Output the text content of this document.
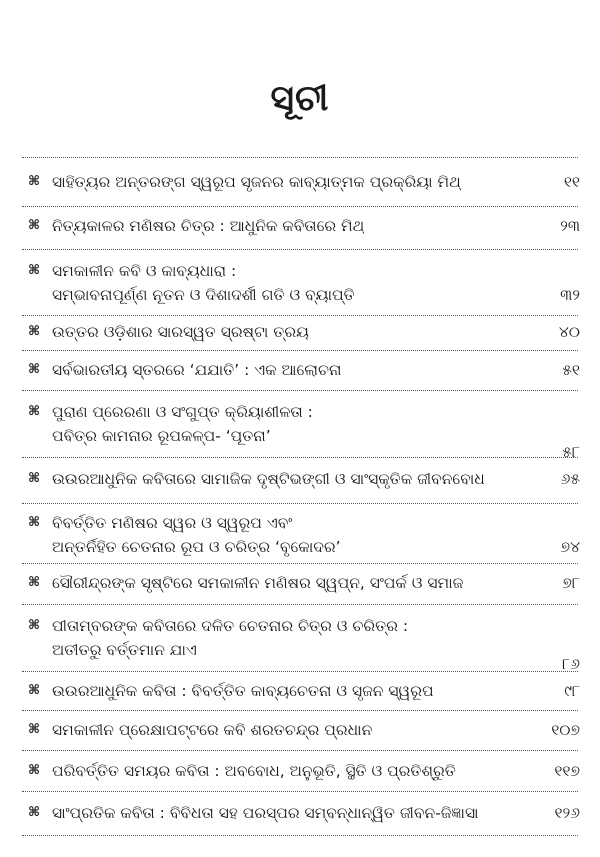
ସୂଚୀ
⌘ ସାହିତ୍ୟର ଅନ୍ତରଙ୍ଗ ସ୍ୱରୂପ ସୃଜନର କାବ୍ୟାତ୍ମକ ପ୍ରକ୍ରିୟା ମିଥ୍	୧୧
⌘ ନିତ୍ୟକାଳର ମଣିଷର ଚିତ୍ର : ଆଧୁନିକ କବିତାରେ ମିଥ୍	୨୩
⌘ ସମକାଳୀନ କବି ଓ କାବ୍ୟଧାରା :
ସମ୍ଭାବନାପୂର୍ଣ୍ଣ ନୂତନ ଓ ଦିଶାଦର୍ଶୀ ଗତି ଓ ବ୍ୟାପ୍ତି	୩୨
⌘ ଉତ୍ତର ଓଡ଼ିଶାର ସାରସ୍ୱତ ସ୍ରଷ୍ଟା ତ୍ରୟ	୪୦
⌘ ସର୍ବଭାରତୀୟ ସ୍ତରରେ ‘ଯଯାତି’ : ଏକ ଆଲୋଚନା	୫୧
⌘ ପୁରାଣ ପ୍ରେରଣା ଓ ସଂଗୁପ୍ତ କ୍ରିୟାଶୀଳତା :
ପବିତ୍ର କାମନାର ରୂପକଳ୍ପ- ‘ପୂତନା’
୫୮
⌘ ଉଉରଆଧୁନିକ କବିତାରେ ସାମାଜିକ ଦୃଷ୍ଟିଭଙ୍ଗୀ ଓ ସାଂସ୍କୃତିକ ଜୀବନବୋଧ	୬୫
⌘ ବିବର୍ତ୍ତିତ ମଣିଷର ସ୍ୱର ଓ ସ୍ୱରୂପ ଏବଂ
ଅନ୍ତର୍ନିହିତ ଚେତନାର ରୂପ ଓ ଚରିତ୍ର ‘ବୃକୋଦର’	୭୪
⌘ ସୌରୀନ୍ଦ୍ରଙ୍କ ସୃଷ୍ଟିରେ ସମକାଳୀନ ମଣିଷର ସ୍ୱପ୍ନ, ସଂପର୍କ ଓ ସମାଜ	୭୮
⌘ ପୀତାମ୍ବରଙ୍କ କବିତାରେ ଦଳିତ ଚେତନାର ଚିତ୍ର ଓ ଚରିତ୍ର :
ଅତୀତରୁ ବର୍ତ୍ତମାନ ଯାଏ
୮୬
⌘ ଉଉରଆଧୁନିକ କବିତା : ବିବର୍ତ୍ତିତ କାବ୍ୟଚେତନା ଓ ସୃଜନ ସ୍ୱରୂପ	୯୮
⌘ ସମକାଳୀନ ପ୍ରେକ୍ଷାପଟ୍ଟରେ କବି ଶରତଚନ୍ଦ୍ର ପ୍ରଧାନ	୧୦୭
⌘ ପରିବର୍ତ୍ତିତ ସମୟର କବିତା : ଅବବୋଧ, ଅନୁଭୂତି, ସ୍ଥିତି ଓ ପ୍ରତିଶ୍ରୁତି	୧୧୭
⌘ ସାଂପ୍ରତିକ କବିତା : ବିବିଧତା ସହ ପରସ୍ପର ସମ୍ବନ୍ଧାନ୍ୱିତ ଜୀବନ-ଜିଜ୍ଞାସା	୧୨୬
